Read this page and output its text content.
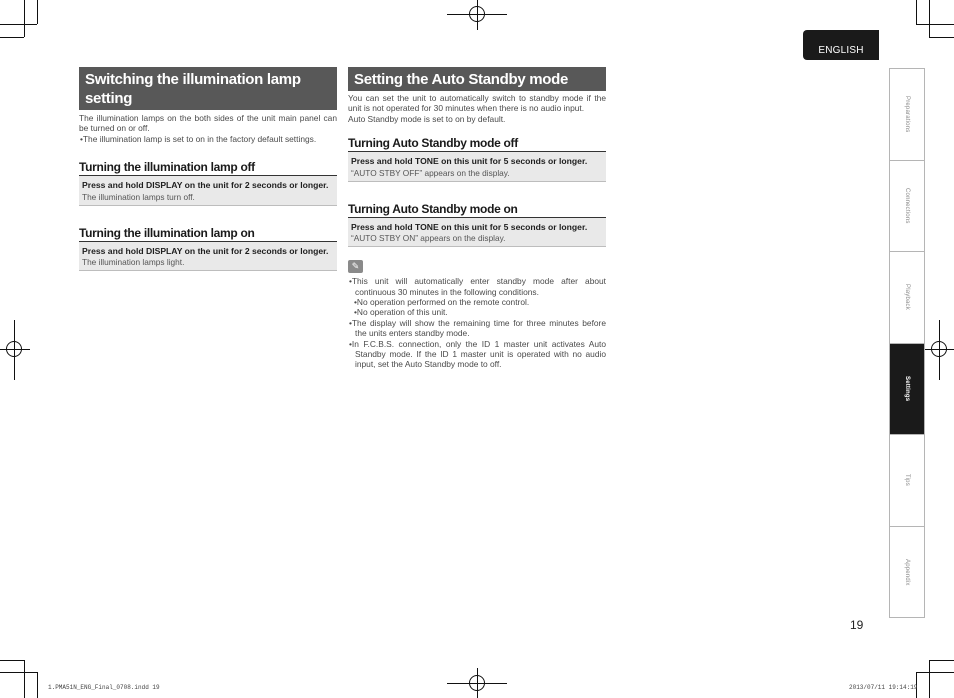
ENGLISH
Preparations
Connections
Playback
Settings
Tips
Appendix
19
Switching the illumination lamp
setting
The illumination lamps on the both sides of the unit main panel can be turned on or off.
•The illumination lamp is set to on in the factory default settings.
Turning the illumination lamp off
Press and hold DISPLAY on the unit for 2 seconds or longer.
The illumination lamps turn off.
Turning the illumination lamp on
Press and hold DISPLAY on the unit for 2 seconds or longer.
The illumination lamps light.
Setting the Auto Standby mode
You can set the unit to automatically switch to standby mode if the unit is not operated for 30 minutes when there is no audio input.
Auto Standby mode is set to on by default.
Turning Auto Standby mode off
Press and hold TONE on this unit for 5 seconds or longer.
“AUTO STBY OFF” appears on the display.
Turning Auto Standby mode on
Press and hold TONE on this unit for 5 seconds or longer.
“AUTO STBY ON” appears on the display.
✎
•This unit will automatically enter standby mode after about continuous 30 minutes in the following conditions.
•No operation performed on the remote control.
•No operation of this unit.
•The display will show the remaining time for three minutes before the units enters standby mode.
•In F.C.B.S. connection, only the ID 1 master unit activates Auto Standby mode. If the ID 1 master unit is operated with no audio input, set the Auto Standby mode to off.
1.PMA51N_ENG_Final_0708.indd 19	2013/07/11 19:14:19
